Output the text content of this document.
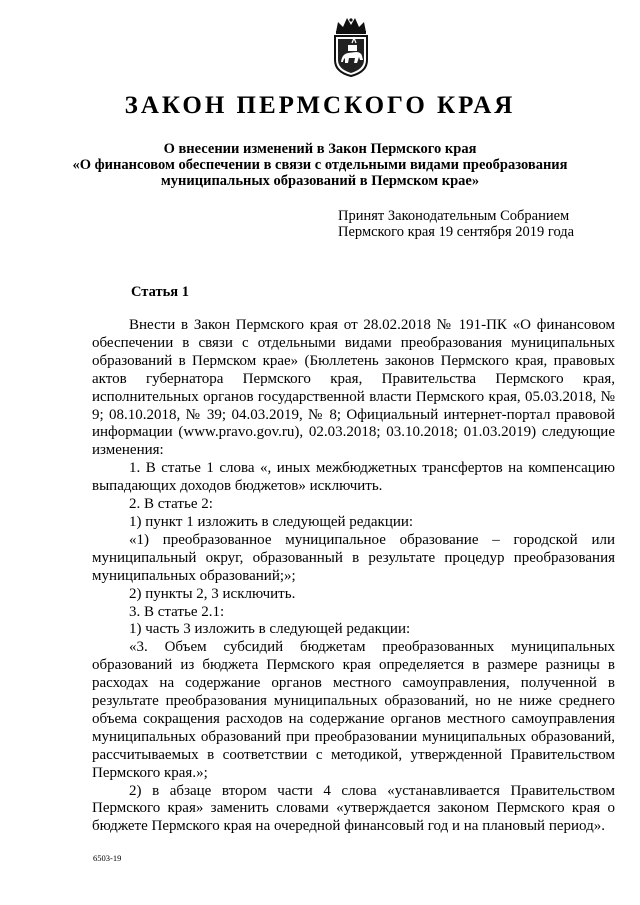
ЗАКОН ПЕРМСКОГО КРАЯ
О внесении изменений в Закон Пермского края
«О финансовом обеспечении в связи с отдельными видами преобразования
муниципальных образований в Пермском крае»
Принят Законодательным Собранием
Пермского края 19 сентября 2019 года
Статья 1

Внести в Закон Пермского края от 28.02.2018 № 191-ПК «О финансовом обеспечении в связи с отдельными видами преобразования муниципальных образований в Пермском крае» (Бюллетень законов Пермского края, правовых актов губернатора Пермского края, Правительства Пермского края, исполнительных органов государственной власти Пермского края, 05.03.2018, № 9; 08.10.2018, № 39; 04.03.2019, № 8; Официальный интернет-портал правовой информации (www.pravo.gov.ru), 02.03.2018; 03.10.2018; 01.03.2019) следующие изменения:

1. В статье 1 слова «, иных межбюджетных трансфертов на компенсацию выпадающих доходов бюджетов» исключить.

2. В статье 2:

1) пункт 1 изложить в следующей редакции:

«1) преобразованное муниципальное образование – городской или муниципальный округ, образованный в результате процедур преобразования муниципальных образований;»;

2) пункты 2, 3 исключить.

3. В статье 2.1:

1) часть 3 изложить в следующей редакции:

«3. Объем субсидий бюджетам преобразованных муниципальных образований из бюджета Пермского края определяется в размере разницы в расходах на содержание органов местного самоуправления, полученной в результате преобразования муниципальных образований, но не ниже среднего объема сокращения расходов на содержание органов местного самоуправления муниципальных образований при преобразовании муниципальных образований, рассчитываемых в соответствии с методикой, утвержденной Правительством Пермского края.»;

2) в абзаце втором части 4 слова «устанавливается Правительством Пермского края» заменить словами «утверждается законом Пермского края о бюджете Пермского края на очередной финансовый год и на плановый период».

6503-19
